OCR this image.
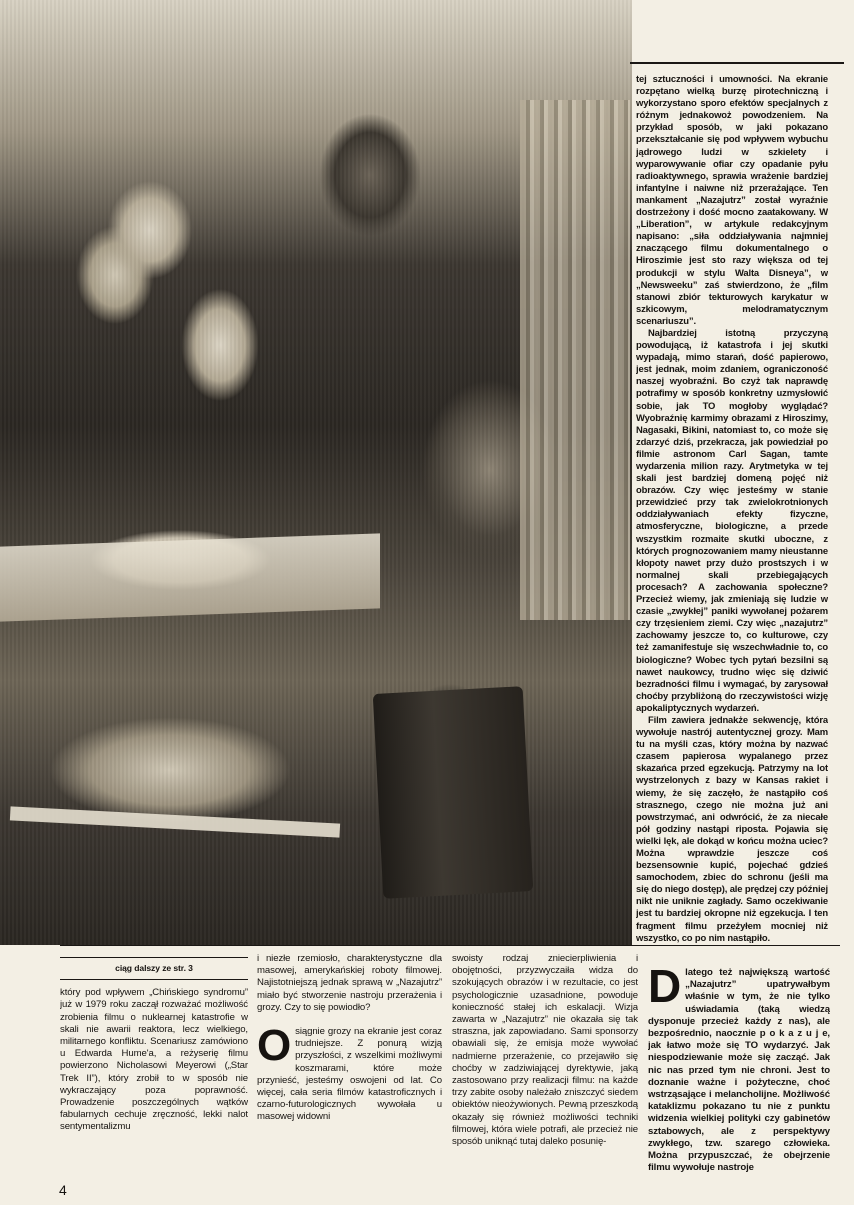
tej sztuczności i umowności. Na ekranie rozpętano wielką burzę pirotechniczną i wykorzystano sporo efektów specjalnych z różnym jednakowoż powodzeniem. Na przykład sposób, w jaki pokazano przekształcanie się pod wpływem wybuchu jądrowego ludzi w szkielety i wyparowywanie ofiar czy opadanie pyłu radioaktywnego, sprawia wrażenie bardziej infantylne i naiwne niż przerażające. Ten mankament „Nazajutrz” został wyraźnie dostrzeżony i dość mocno zaatakowany. W „Liberation”, w artykule redakcyjnym napisano: „siła oddziaływania najmniej znaczącego filmu dokumentalnego o Hiroszimie jest sto razy większa od tej produkcji w stylu Walta Disneya”, w „Newsweeku” zaś stwierdzono, że „film stanowi zbiór tekturowych karykatur w szkicowym, melodramatycznym scenariuszu”.

Najbardziej istotną przyczyną powodującą, iż katastrofa i jej skutki wypadają, mimo starań, dość papierowo, jest jednak, moim zdaniem, ograniczoność naszej wyobraźni. Bo czyż tak naprawdę potrafimy w sposób konkretny uzmysłowić sobie, jak TO mogłoby wyglądać? Wyobraźnię karmimy obrazami z Hiroszimy, Nagasaki, Bikini, natomiast to, co może się zdarzyć dziś, przekracza, jak powiedział po filmie astronom Carl Sagan, tamte wydarzenia milion razy. Arytmetyka w tej skali jest bardziej domeną pojęć niż obrazów. Czy więc jesteśmy w stanie przewidzieć przy tak zwielokrotnionych oddziaływaniach efekty fizyczne, atmosferyczne, biologiczne, a przede wszystkim rozmaite skutki uboczne, z których prognozowaniem mamy nieustanne kłopoty nawet przy dużo prostszych i w normalnej skali przebiegających procesach? A zachowania społeczne? Przecież wiemy, jak zmieniają się ludzie w czasie „zwykłej” paniki wywołanej pożarem czy trzęsieniem ziemi. Czy więc „nazajutrz” zachowamy jeszcze to, co kulturowe, czy też zamanifestuje się wszechwładnie to, co biologiczne? Wobec tych pytań bezsilni są nawet naukowcy, trudno więc się dziwić bezradności filmu i wymagać, by zarysował choćby przybliżoną do rzeczywistości wizję apokaliptycznych wydarzeń.

Film zawiera jednakże sekwencję, która wywołuje nastrój autentycznej grozy. Mam tu na myśli czas, który można by nazwać czasem papierosa wypalanego przez skazańca przed egzekucją. Patrzymy na lot wystrzelonych z bazy w Kansas rakiet i wiemy, że się zaczęło, że nastąpiło coś strasznego, czego nie można już ani powstrzymać, ani odwrócić, że za niecałe pół godziny nastąpi riposta. Pojawia się wielki lęk, ale dokąd w końcu można uciec? Można wprawdzie jeszcze coś bezsensownie kupić, pojechać gdzieś samochodem, zbiec do schronu (jeśli ma się do niego dostęp), ale prędzej czy później nikt nie uniknie zagłady. Samo oczekiwanie jest tu bardziej okropne niż egzekucja. I ten fragment filmu przeżyłem mocniej niż wszystko, co po nim nastąpiło.

ciąg dalszy ze str. 3
który pod wpływem „Chińskiego syndromu” już w 1979 roku zaczął rozważać możliwość zrobienia filmu o nuklearnej katastrofie w skali nie awarii reaktora, lecz wielkiego, militarnego konfliktu. Scenariusz zamówiono u Edwarda Hume'a, a reżyserię filmu powierzono Nicholasowi Meyerowi („Star Trek II”), który zrobił to w sposób nie wykraczający poza poprawność. Prowadzenie poszczególnych wątków fabularnych cechuje zręczność, lekki nalot sentymentalizmu
i niezłe rzemiosło, charakterystyczne dla masowej, amerykańskiej roboty filmowej. Najistotniejszą jednak sprawą w „Nazajutrz” miało być stworzenie nastroju przerażenia i grozy. Czy to się powiodło?
O siągnie grozy na ekranie jest coraz trudniejsze. Z ponurą wizją przyszłości, z wszelkimi możliwymi koszmarami, które może przynieść, jesteśmy oswojeni od lat. Co więcej, cała seria filmów katastroficznych i czarno-futurologicznych wywołała u masowej widowni
swoisty rodzaj zniecierpliwienia i obojętności, przyzwyczaiła widza do szokujących obrazów i w rezultacie, co jest psychologicznie uzasadnione, powoduje konieczność stałej ich eskalacji. Wizja zawarta w „Nazajutrz” nie okazała się tak straszna, jak zapowiadano. Sami sponsorzy obawiali się, że emisja może wywołać nadmierne przerażenie, co przejawiło się choćby w zadziwiającej dyrektywie, jaką zastosowano przy realizacji filmu: na każde trzy zabite osoby należało zniszczyć siedem obiektów nieożywionych. Pewną przeszkodą okazały się również możliwości techniki filmowej, która wiele potrafi, ale przecież nie sposób uniknąć tutaj daleko posunię-
D latego też największą wartość „Nazajutrz” upatrywałbym właśnie w tym, że nie tylko uświadamia (taką wiedzą dysponuje przecież każdy z nas), ale bezpośrednio, naocznie p o k a z u j e, jak łatwo może się TO wydarzyć. Jak niespodziewanie może się zacząć. Jak nic nas przed tym nie chroni. Jest to doznanie ważne i pożyteczne, choć wstrząsające i melancholijne. Możliwość kataklizmu pokazano tu nie z punktu widzenia wielkiej polityki czy gabinetów sztabowych, ale z perspektywy zwykłego, tzw. szarego człowieka. Można przypuszczać, że obejrzenie filmu wywołuje nastroje
4
